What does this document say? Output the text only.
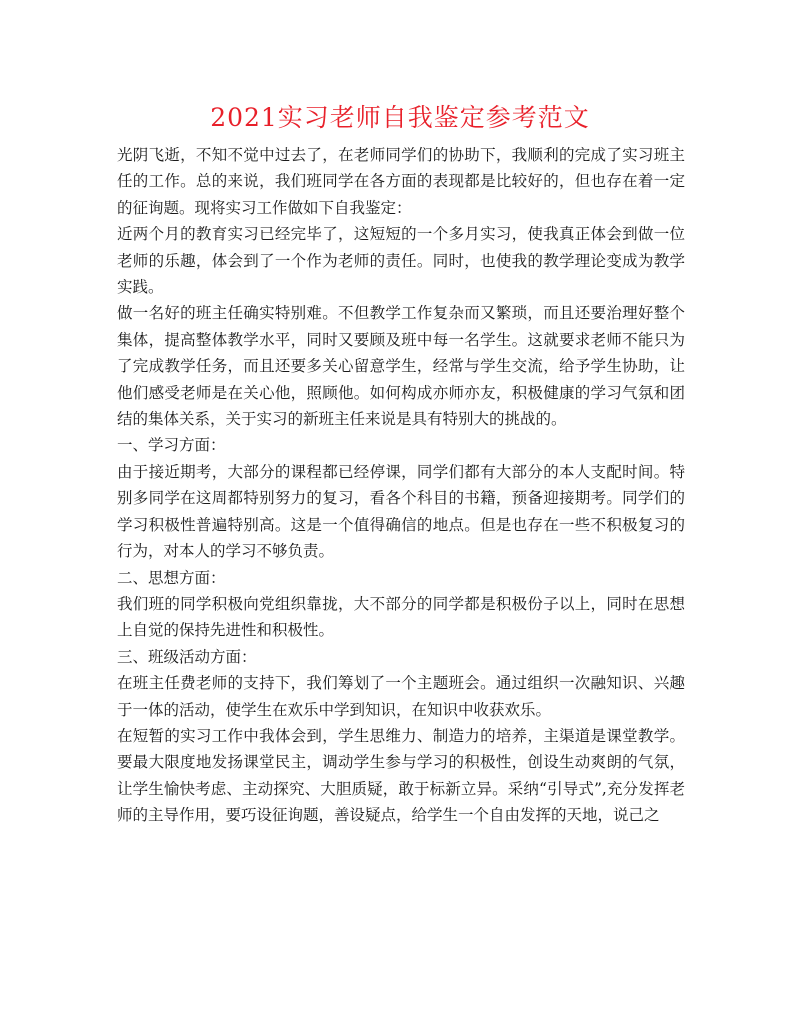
2021实习老师自我鉴定参考范文

光阴飞逝，不知不觉中过去了，在老师同学们的协助下，我顺利的完成了实习班主任的工作。总的来说，我们班同学在各方面的表现都是比较好的，但也存在着一定的征询题。现将实习工作做如下自我鉴定：

近两个月的教育实习已经完毕了，这短短的一个多月实习，使我真正体会到做一位老师的乐趣，体会到了一个作为老师的责任。同时，也使我的教学理论变成为教学实践。

做一名好的班主任确实特别难。不但教学工作复杂而又繁琐，而且还要治理好整个集体，提高整体教学水平，同时又要顾及班中每一名学生。这就要求老师不能只为了完成教学任务，而且还要多关心留意学生，经常与学生交流，给予学生协助，让他们感受老师是在关心他，照顾他。如何构成亦师亦友，积极健康的学习气氛和团结的集体关系，关于实习的新班主任来说是具有特别大的挑战的。

一、学习方面：

由于接近期考，大部分的课程都已经停课，同学们都有大部分的本人支配时间。特别多同学在这周都特别努力的复习，看各个科目的书籍，预备迎接期考。同学们的学习积极性普遍特别高。这是一个值得确信的地点。但是也存在一些不积极复习的行为，对本人的学习不够负责。

二、思想方面：

我们班的同学积极向党组织靠拢，大不部分的同学都是积极份子以上，同时在思想上自觉的保持先进性和积极性。

三、班级活动方面：

在班主任费老师的支持下，我们筹划了一个主题班会。通过组织一次融知识、兴趣于一体的活动，使学生在欢乐中学到知识，在知识中收获欢乐。

在短暂的实习工作中我体会到，学生思维力、制造力的培养，主渠道是课堂教学。要最大限度地发扬课堂民主，调动学生参与学习的积极性，创设生动爽朗的气氛，让学生愉快考虑、主动探究、大胆质疑，敢于标新立异。采纳“引导式”,充分发挥老师的主导作用，要巧设征询题，善设疑点，给学生一个自由发挥的天地，说己之
